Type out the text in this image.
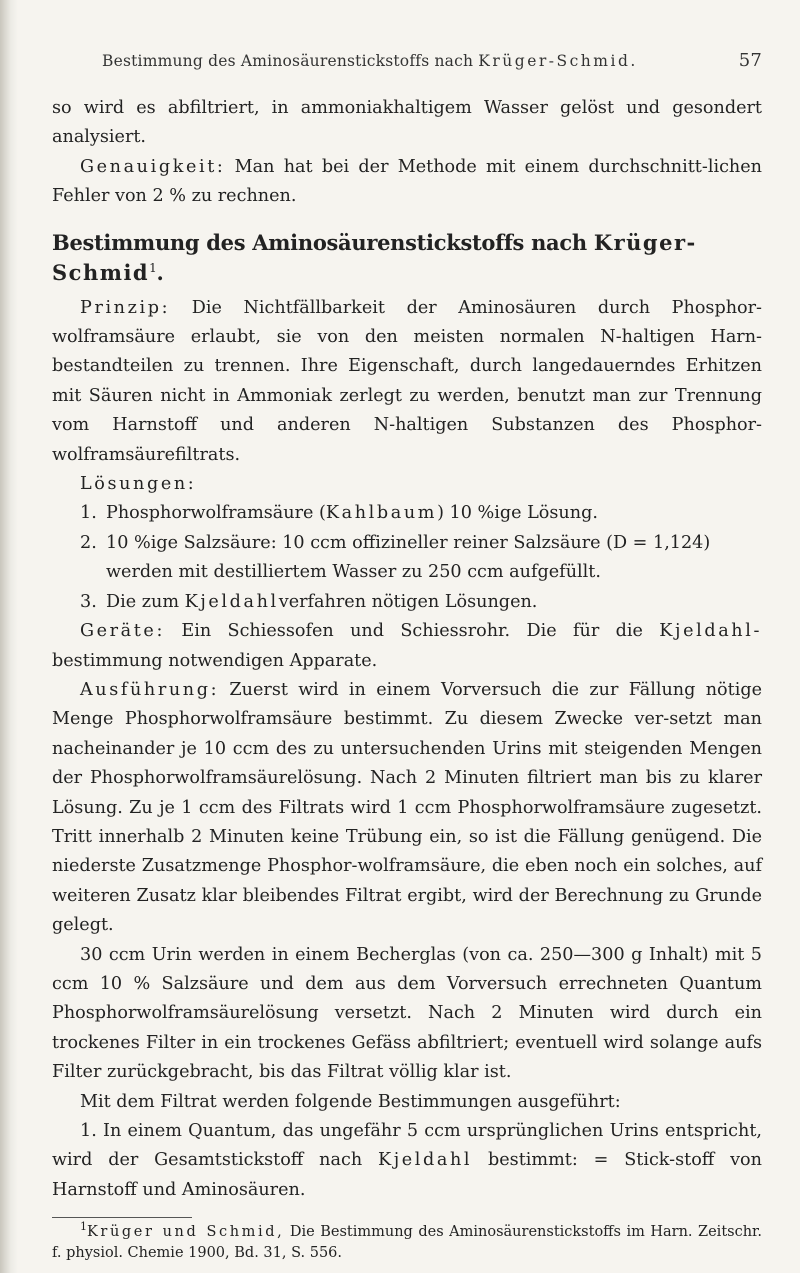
Bestimmung des Aminosäurenstickstoffs nach Krüger-Schmid.	57

so wird es abfiltriert, in ammoniakhaltigem Wasser gelöst und gesondert analysiert.

Genauigkeit: Man hat bei der Methode mit einem durchschnitt-lichen Fehler von 2 % zu rechnen.

Bestimmung des Aminosäurenstickstoffs nach Krüger-Schmid$^1$.

Prinzip: Die Nichtfällbarkeit der Aminosäuren durch Phosphor-wolframsäure erlaubt, sie von den meisten normalen N-haltigen Harn-bestandteilen zu trennen. Ihre Eigenschaft, durch langedauerndes Erhitzen mit Säuren nicht in Ammoniak zerlegt zu werden, benutzt man zur Trennung vom Harnstoff und anderen N-haltigen Substanzen des Phosphor-wolframsäurefiltrats.

Lösungen:

1. Phosphorwolframsäure (Kahlbaum) 10 %ige Lösung.

2. 10 %ige Salzsäure: 10 ccm offizineller reiner Salzsäure (D = 1,124)

werden mit destilliertem Wasser zu 250 ccm aufgefüllt.

3. Die zum Kjeldahlverfahren nötigen Lösungen.

Geräte: Ein Schiessofen und Schiessrohr. Die für die Kjeldahl-bestimmung notwendigen Apparate.

Ausführung: Zuerst wird in einem Vorversuch die zur Fällung nötige Menge Phosphorwolframsäure bestimmt. Zu diesem Zwecke ver-setzt man nacheinander je 10 ccm des zu untersuchenden Urins mit steigenden Mengen der Phosphorwolframsäurelösung. Nach 2 Minuten filtriert man bis zu klarer Lösung. Zu je 1 ccm des Filtrats wird 1 ccm Phosphorwolframsäure zugesetzt. Tritt innerhalb 2 Minuten keine Trübung ein, so ist die Fällung genügend. Die niederste Zusatzmenge Phosphor-wolframsäure, die eben noch ein solches, auf weiteren Zusatz klar bleibendes Filtrat ergibt, wird der Berechnung zu Grunde gelegt.

30 ccm Urin werden in einem Becherglas (von ca. 250—300 g Inhalt) mit 5 ccm 10 % Salzsäure und dem aus dem Vorversuch errechneten Quantum Phosphorwolframsäurelösung versetzt. Nach 2 Minuten wird durch ein trockenes Filter in ein trockenes Gefäss abfiltriert; eventuell wird solange aufs Filter zurückgebracht, bis das Filtrat völlig klar ist.

Mit dem Filtrat werden folgende Bestimmungen ausgeführt:

1. In einem Quantum, das ungefähr 5 ccm ursprünglichen Urins entspricht, wird der Gesamtstickstoff nach Kjeldahl bestimmt: = Stick-stoff von Harnstoff und Aminosäuren.

$^1$Krüger und Schmid, Die Bestimmung des Aminosäurenstickstoffs im Harn. Zeitschr. f. physiol. Chemie 1900, Bd. 31, S. 556.
